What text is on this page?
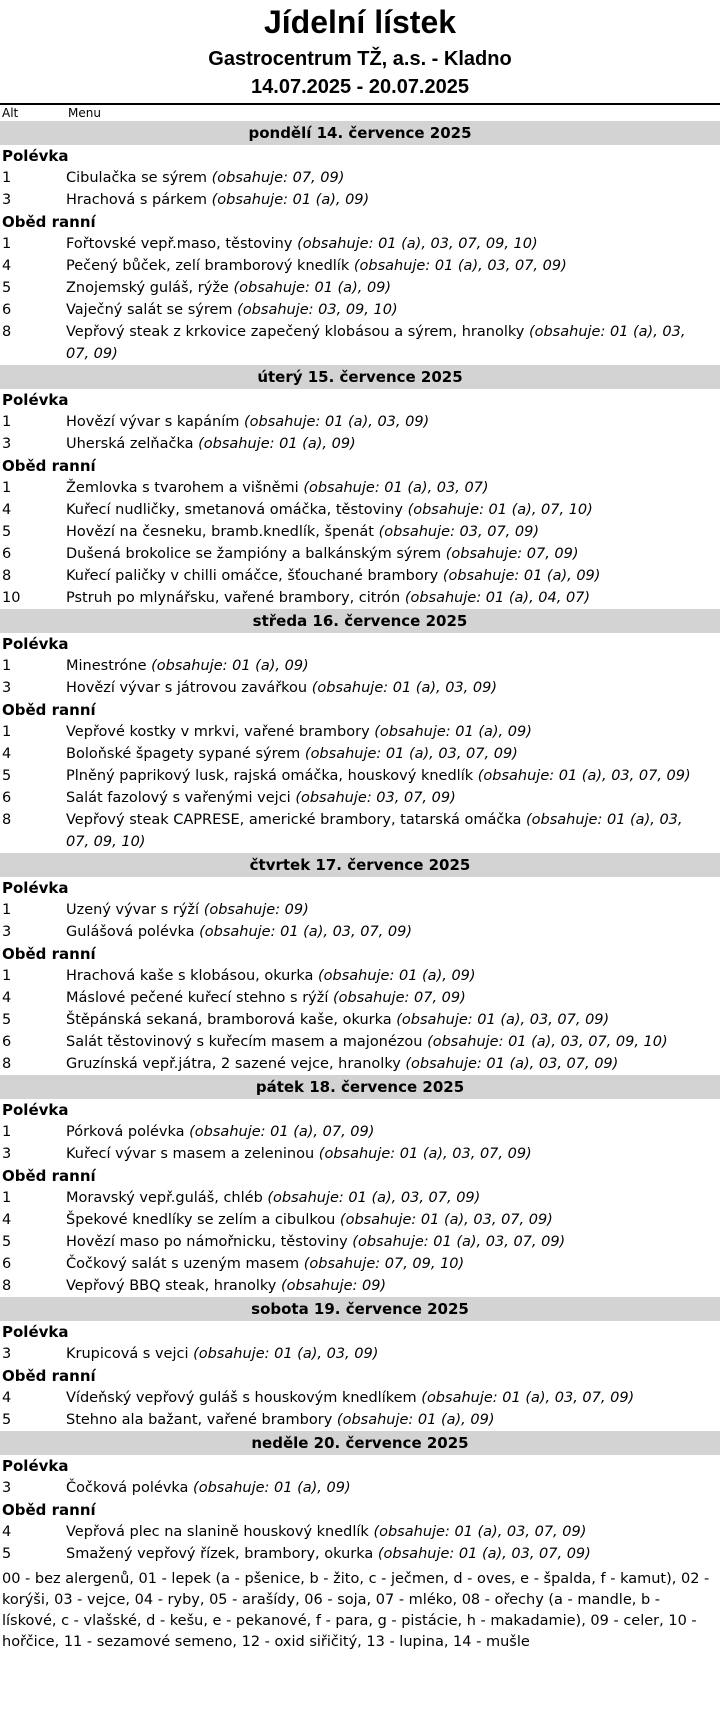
Jídelní lístek
Gastrocentrum TŽ, a.s. - Kladno
14.07.2025 - 20.07.2025
Alt	Menu
pondělí 14. července 2025
Polévka
1	Cibulačka se sýrem (obsahuje: 07, 09)
3	Hrachová s párkem (obsahuje: 01 (a), 09)
Oběd ranní
1	Fořtovské vepř.maso, těstoviny (obsahuje: 01 (a), 03, 07, 09, 10)
4	Pečený bůček, zelí bramborový knedlík (obsahuje: 01 (a), 03, 07, 09)
5	Znojemský guláš, rýže (obsahuje: 01 (a), 09)
6	Vaječný salát se sýrem (obsahuje: 03, 09, 10)
8	Vepřový steak z krkovice zapečený klobásou a sýrem, hranolky (obsahuje: 01 (a), 03, 07, 09)
úterý 15. července 2025
Polévka
1	Hovězí vývar s kapáním (obsahuje: 01 (a), 03, 09)
3	Uherská zelňačka (obsahuje: 01 (a), 09)
Oběd ranní
1	Žemlovka s tvarohem a višněmi (obsahuje: 01 (a), 03, 07)
4	Kuřecí nudličky, smetanová omáčka, těstoviny (obsahuje: 01 (a), 07, 10)
5	Hovězí na česneku, bramb.knedlík, špenát (obsahuje: 03, 07, 09)
6	Dušená brokolice se žampióny a balkánským sýrem (obsahuje: 07, 09)
8	Kuřecí paličky v chilli omáčce, šťouchané brambory (obsahuje: 01 (a), 09)
10	Pstruh po mlynářsku, vařené brambory, citrón (obsahuje: 01 (a), 04, 07)
středa 16. července 2025
Polévka
1	Minestróne (obsahuje: 01 (a), 09)
3	Hovězí vývar s játrovou zavářkou (obsahuje: 01 (a), 03, 09)
Oběd ranní
1	Vepřové kostky v mrkvi, vařené brambory (obsahuje: 01 (a), 09)
4	Boloňské špagety sypané sýrem (obsahuje: 01 (a), 03, 07, 09)
5	Plněný paprikový lusk, rajská omáčka, houskový knedlík (obsahuje: 01 (a), 03, 07, 09)
6	Salát fazolový s vařenými vejci (obsahuje: 03, 07, 09)
8	Vepřový steak CAPRESE, americké brambory, tatarská omáčka (obsahuje: 01 (a), 03, 07, 09, 10)
čtvrtek 17. července 2025
Polévka
1	Uzený vývar s rýží (obsahuje: 09)
3	Gulášová polévka (obsahuje: 01 (a), 03, 07, 09)
Oběd ranní
1	Hrachová kaše s klobásou, okurka (obsahuje: 01 (a), 09)
4	Máslové pečené kuřecí stehno s rýží (obsahuje: 07, 09)
5	Štěpánská sekaná, bramborová kaše, okurka (obsahuje: 01 (a), 03, 07, 09)
6	Salát těstovinový s kuřecím masem a majonézou (obsahuje: 01 (a), 03, 07, 09, 10)
8	Gruzínská vepř.játra, 2 sazené vejce, hranolky (obsahuje: 01 (a), 03, 07, 09)
pátek 18. července 2025
Polévka
1	Pórková polévka (obsahuje: 01 (a), 07, 09)
3	Kuřecí vývar s masem a zeleninou (obsahuje: 01 (a), 03, 07, 09)
Oběd ranní
1	Moravský vepř.guláš, chléb (obsahuje: 01 (a), 03, 07, 09)
4	Špekové knedlíky se zelím a cibulkou (obsahuje: 01 (a), 03, 07, 09)
5	Hovězí maso po námořnicku, těstoviny (obsahuje: 01 (a), 03, 07, 09)
6	Čočkový salát s uzeným masem (obsahuje: 07, 09, 10)
8	Vepřový BBQ steak, hranolky (obsahuje: 09)
sobota 19. července 2025
Polévka
3	Krupicová s vejci (obsahuje: 01 (a), 03, 09)
Oběd ranní
4	Vídeňský vepřový guláš s houskovým knedlíkem (obsahuje: 01 (a), 03, 07, 09)
5	Stehno ala bažant, vařené brambory (obsahuje: 01 (a), 09)
neděle 20. července 2025
Polévka
3	Čočková polévka (obsahuje: 01 (a), 09)
Oběd ranní
4	Vepřová plec na slanině houskový knedlík (obsahuje: 01 (a), 03, 07, 09)
5	Smažený vepřový řízek, brambory, okurka (obsahuje: 01 (a), 03, 07, 09)
00 - bez alergenů, 01 - lepek (a - pšenice, b - žito, c - ječmen, d - oves, e - špalda, f - kamut), 02 - korýši, 03 - vejce, 04 - ryby, 05 - arašídy, 06 - soja, 07 - mléko, 08 - ořechy (a - mandle, b - lískové, c - vlašské, d - kešu, e - pekanové, f - para, g - pistácie, h - makadamie), 09 - celer, 10 - hořčice, 11 - sezamové semeno, 12 - oxid siřičitý, 13 - lupina, 14 - mušle
